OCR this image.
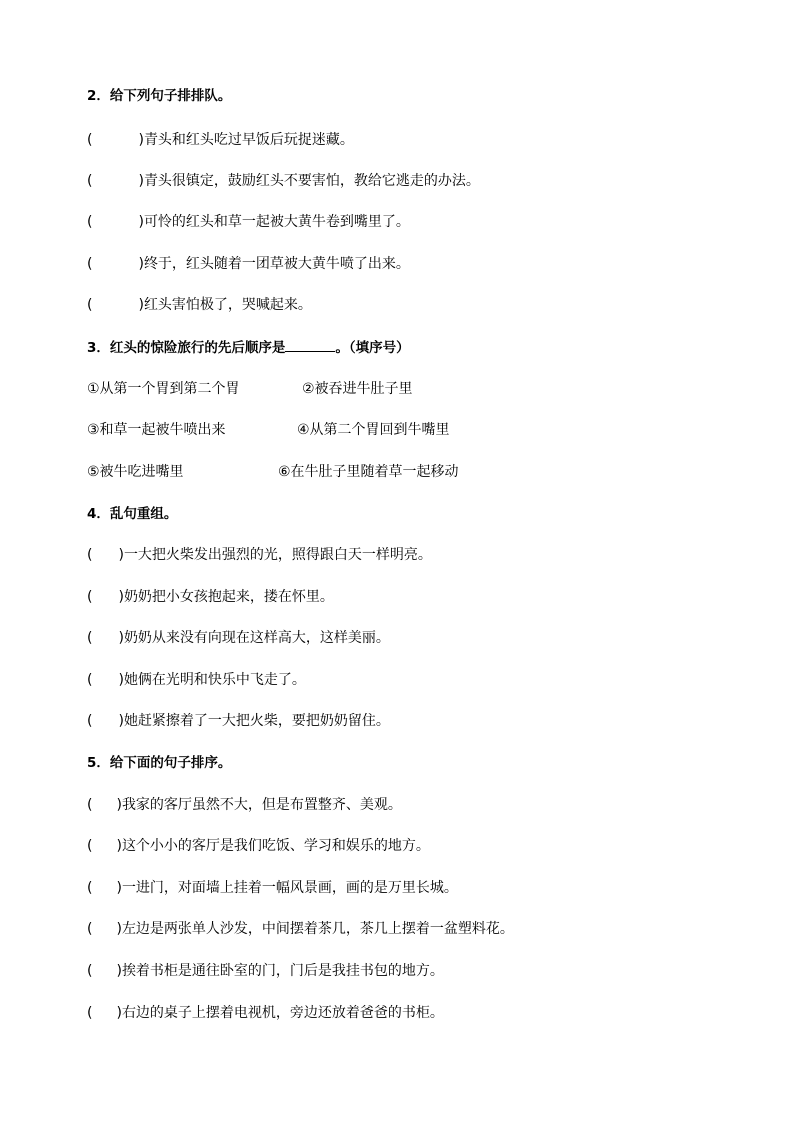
2．给下列句子排排队。
(	)青头和红头吃过早饭后玩捉迷藏。
(	)青头很镇定，鼓励红头不要害怕，教给它逃走的办法。
(	)可怜的红头和草一起被大黄牛卷到嘴里了。
(	)终于，红头随着一团草被大黄牛喷了出来。
(	)红头害怕极了，哭喊起来。
3．红头的惊险旅行的先后顺序是	。（填序号）
①从第一个胃到第二个胃	②被吞进牛肚子里
③和草一起被牛喷出来	④从第二个胃回到牛嘴里
⑤被牛吃进嘴里	⑥在牛肚子里随着草一起移动
4．乱句重组。
( )一大把火柴发出强烈的光，照得跟白天一样明亮。
( )奶奶把小女孩抱起来，搂在怀里。
( )奶奶从来没有向现在这样高大，这样美丽。
( )她俩在光明和快乐中飞走了。
( )她赶紧擦着了一大把火柴，要把奶奶留住。
5．给下面的句子排序。
( )我家的客厅虽然不大，但是布置整齐、美观。
( )这个小小的客厅是我们吃饭、学习和娱乐的地方。
( )一进门，对面墙上挂着一幅风景画，画的是万里长城。
( )左边是两张单人沙发，中间摆着茶几，茶几上摆着一盆塑料花。
( )挨着书柜是通往卧室的门，门后是我挂书包的地方。
( )右边的桌子上摆着电视机，旁边还放着爸爸的书柜。
